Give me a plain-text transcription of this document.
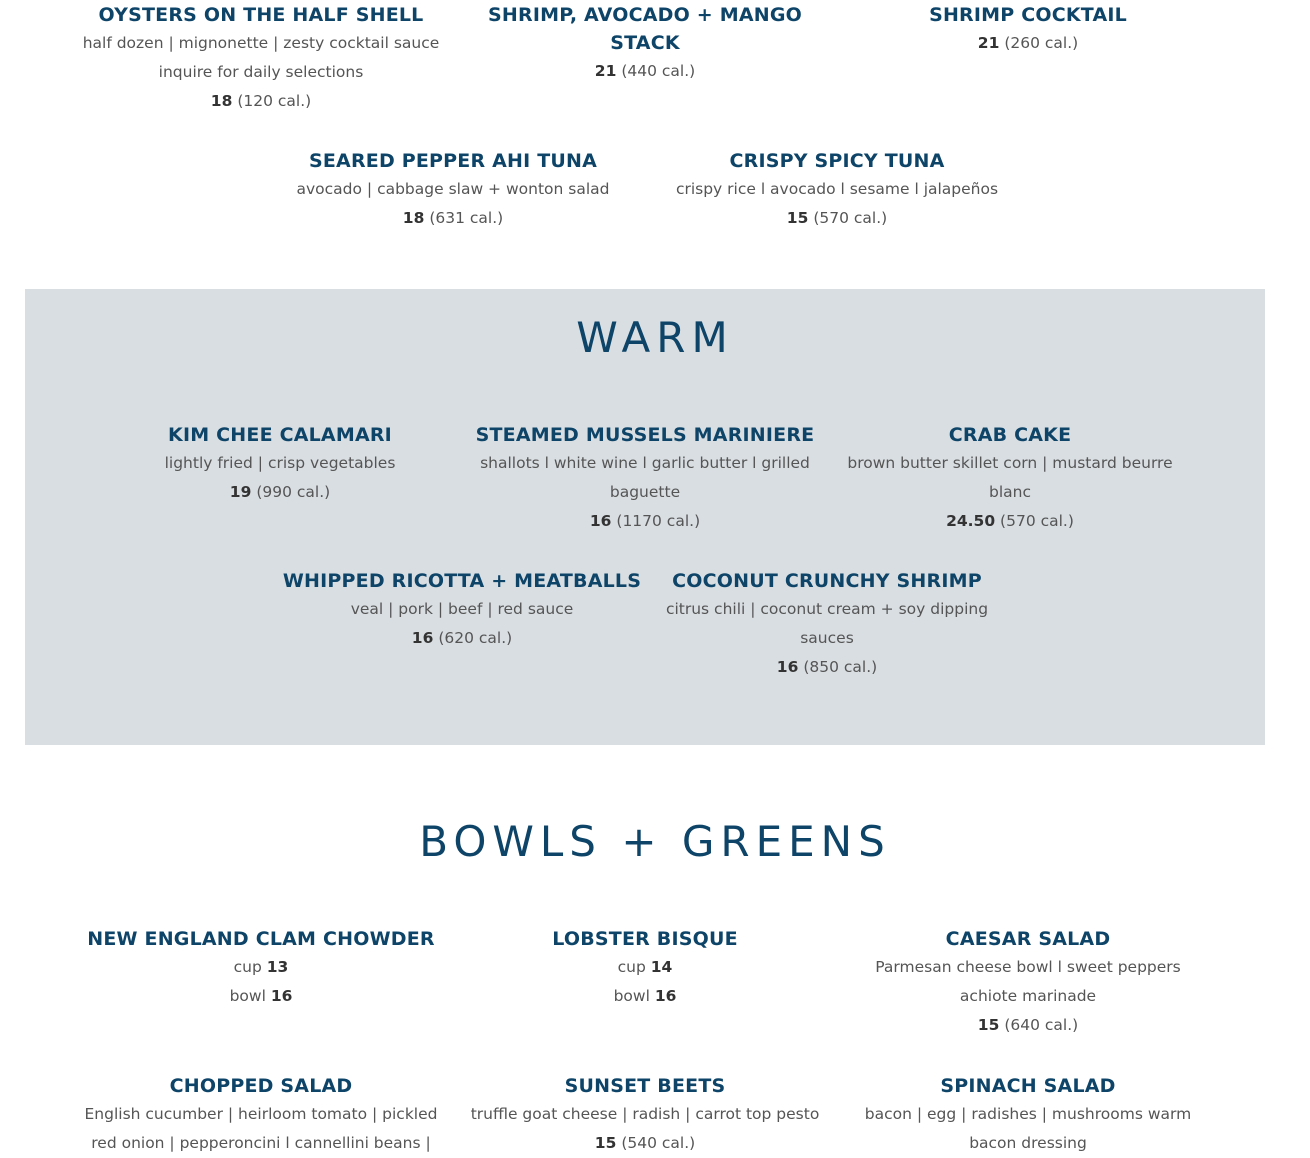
OYSTERS ON THE HALF SHELL
half dozen | mignonette | zesty cocktail sauce
inquire for daily selections
18 (120 cal.)
SHRIMP, AVOCADO + MANGO STACK
21 (440 cal.)
SHRIMP COCKTAIL
21 (260 cal.)
SEARED PEPPER AHI TUNA
avocado | cabbage slaw + wonton salad
18 (631 cal.)
CRISPY SPICY TUNA
crispy rice l avocado l sesame l jalapeños
15 (570 cal.)
WARM
KIM CHEE CALAMARI
lightly fried | crisp vegetables
19 (990 cal.)
STEAMED MUSSELS MARINIERE
shallots l white wine l garlic butter l grilled baguette
16 (1170 cal.)
CRAB CAKE
brown butter skillet corn | mustard beurre blanc
24.50 (570 cal.)
WHIPPED RICOTTA + MEATBALLS
veal | pork | beef | red sauce
16 (620 cal.)
COCONUT CRUNCHY SHRIMP
citrus chili | coconut cream + soy dipping sauces
16 (850 cal.)
BOWLS + GREENS
NEW ENGLAND CLAM CHOWDER
cup 13
bowl 16
LOBSTER BISQUE
cup 14
bowl 16
CAESAR SALAD
Parmesan cheese bowl l sweet peppers achiote marinade
15 (640 cal.)
CHOPPED SALAD
English cucumber | heirloom tomato | pickled red onion | pepperoncini l cannellini beans |
SUNSET BEETS
truffle goat cheese | radish | carrot top pesto
15 (540 cal.)
SPINACH SALAD
bacon | egg | radishes | mushrooms warm bacon dressing
